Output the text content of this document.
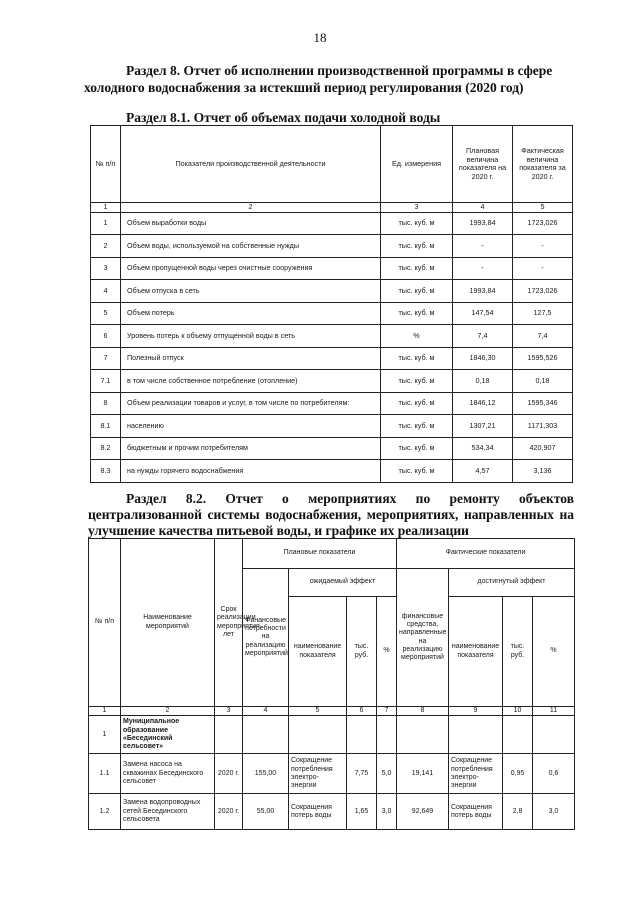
18
Раздел 8. Отчет об исполнении производственной программы в сфере холодного водоснабжения за истекший период регулирования (2020 год)
Раздел 8.1. Отчет об объемах подачи холодной воды
№ п/п	Показатели производственной деятельности	Ед. измерения	Плановая величина показателя на 2020 г.	Фактическая величина показателя за 2020 г.
1	2	3	4	5
1	Объем выработки воды	тыс. куб. м	1993,84	1723,026
2	Объем воды, используемой на собственные нужды	тыс. куб. м	-	-
3	Объем пропущенной воды через очистные сооружения	тыс. куб. м	-	-
4	Объем отпуска в сеть	тыс. куб. м	1993,84	1723,026
5	Объем потерь	тыс. куб. м	147,54	127,5
6	Уровень потерь к объему отпущенной воды в сеть	%	7,4	7,4
7	Полезный отпуск	тыс. куб. м	1846,30	1595,526
7.1	в том числе собственное потребление (отопление)	тыс. куб. м	0,18	0,18
8	Объем реализации товаров и услуг, в том числе по потребителям:	тыс. куб. м	1846,12	1595,346
8.1	населению	тыс. куб. м	1307,21	1171,303
8.2	бюджетным и прочим потребителям	тыс. куб. м	534,34	420,907
8.3	на нужды горячего водоснабжения	тыс. куб. м	4,57	3,136
Раздел 8.2. Отчет о мероприятиях по ремонту объектов централизованной системы водоснабжения, мероприятиях, направленных на улучшение качества питьевой воды, и графике их реализации
№ п/п	Наименование мероприятий	Срок реализации мероприятия, лет	Плановые показатели				Фактические показатели			
			Финансовые потребности на реализацию мероприятий	ожидаемый эффект			финансовые средства, направленные на реализацию мероприятий	достигнутый эффект		
				наименование показателя	тыс. руб.	%		наименование показателя	тыс. руб.	%
1	2	3	4	5	6	7	8	9	10	11
1	Муниципальное образование «Бесединский сельсовет»									
1.1	Замена насоса на скважинах Бесединского сельсовет	2020 г.	155,00	Сокращение потребления электро-энергии	7,75	5,0	19,141	Сокращение потребления электро-энергии	0,95	0,6
1.2	Замена водопроводных сетей Бесединского сельсовета	2020 г.	55,00	Сокращения потерь воды	1,65	3,0	92,649	Сокращения потерь воды	2,8	3,0
